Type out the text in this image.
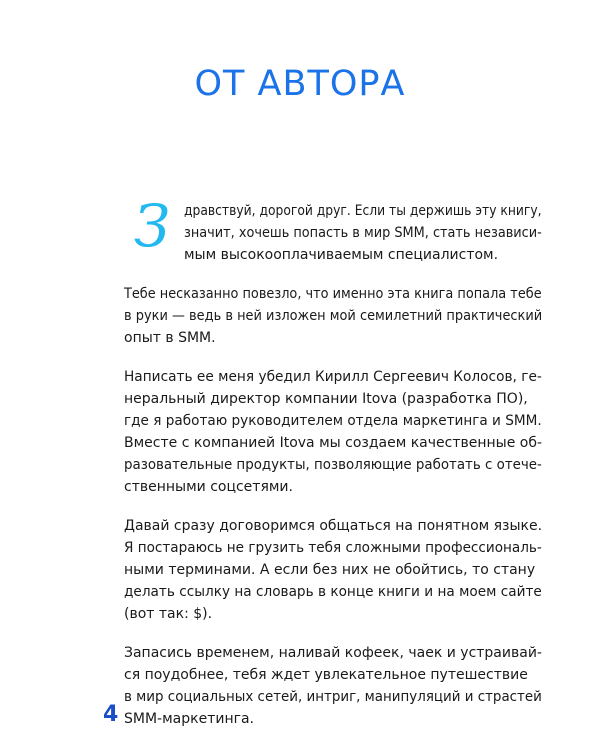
ОТ АВТОРА

З дравствуй, дорогой друг. Если ты держишь эту книгу,
значит, хочешь попасть в мир SMM, стать независи-
мым высокооплачиваемым специалистом.

Тебе несказанно повезло, что именно эта книга попала тебе
в руки — ведь в ней изложен мой семилетний практический
опыт в SMM.

Написать ее меня убедил Кирилл Сергеевич Колосов, ге-
неральный директор компании Itova (разработка ПО),
где я работаю руководителем отдела маркетинга и SMM.
Вместе с компанией Itova мы создаем качественные об-
разовательные продукты, позволяющие работать с отече-
ственными соцсетями.

Давай сразу договоримся общаться на понятном языке.
Я постараюсь не грузить тебя сложными профессиональ-
ными терминами. А если без них не обойтись, то стану
делать ссылку на словарь в конце книги и на моем сайте
(вот так: $).

Запасись временем, наливай кофеек, чаек и устраивай-
ся поудобнее, тебя ждет увлекательное путешествие
в мир социальных сетей, интриг, манипуляций и страстей
SMM-маркетинга.

4
